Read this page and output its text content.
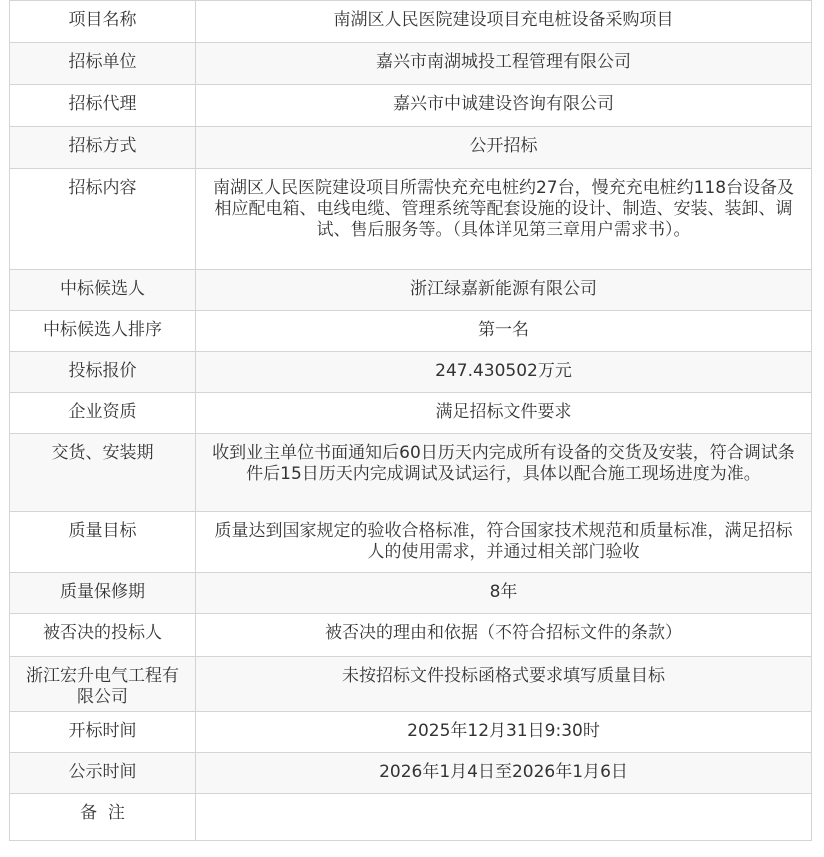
项目名称	南湖区人民医院建设项目充电桩设备采购项目
招标单位	嘉兴市南湖城投工程管理有限公司
招标代理	嘉兴市中诚建设咨询有限公司
招标方式	公开招标
招标内容	南湖区人民医院建设项目所需快充充电桩约27台，慢充充电桩约118台设备及相应配电箱、电线电缆、管理系统等配套设施的设计、制造、安装、装卸、调试、售后服务等。（具体详见第三章用户需求书）。
中标候选人	浙江绿嘉新能源有限公司
中标候选人排序	第一名
投标报价	247.430502万元
企业资质	满足招标文件要求
交货、安装期	收到业主单位书面通知后60日历天内完成所有设备的交货及安装，符合调试条件后15日历天内完成调试及试运行，具体以配合施工现场进度为准。
质量目标	质量达到国家规定的验收合格标准，符合国家技术规范和质量标准，满足招标人的使用需求，并通过相关部门验收
质量保修期	8年
被否决的投标人	被否决的理由和依据（不符合招标文件的条款）
浙江宏升电气工程有限公司	未按招标文件投标函格式要求填写质量目标
开标时间	2025年12月31日9:30时
公示时间	2026年1月4日至2026年1月6日
备  注	
